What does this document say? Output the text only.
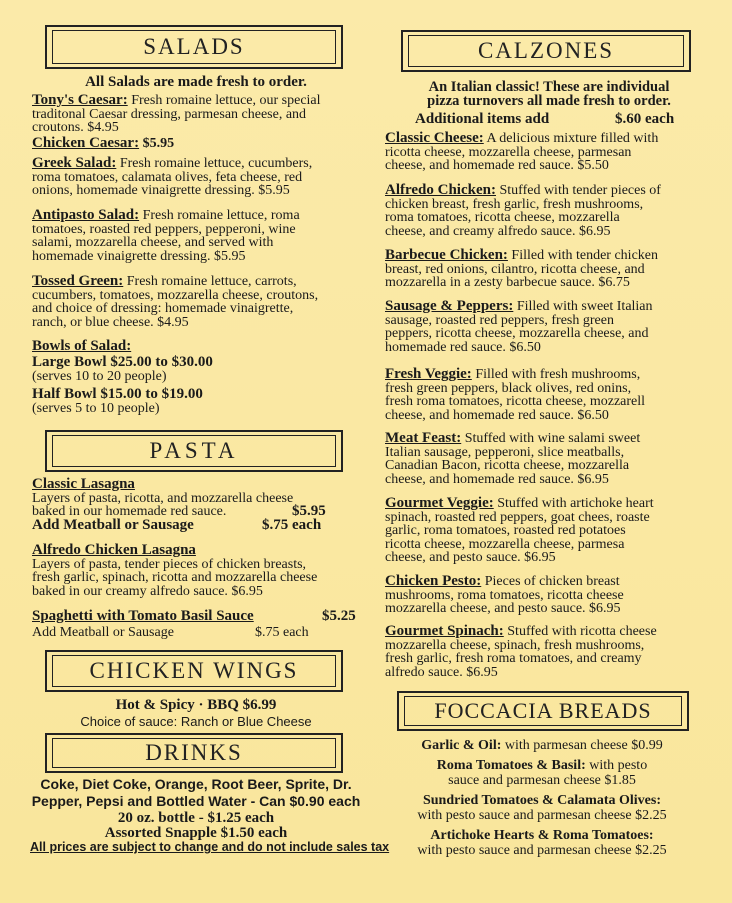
SALADS
All Salads are made fresh to order.
Tony's Caesar: Fresh romaine lettuce, our special
traditonal Caesar dressing, parmesan cheese, and
croutons. $4.95
Chicken Caesar: $5.95
Greek Salad: Fresh romaine lettuce, cucumbers,
roma tomatoes, calamata olives, feta cheese, red
onions, homemade vinaigrette dressing. $5.95
Antipasto Salad: Fresh romaine lettuce, roma
tomatoes, roasted red peppers, pepperoni, wine
salami, mozzarella cheese, and served with
homemade vinaigrette dressing. $5.95
Tossed Green: Fresh romaine lettuce, carrots,
cucumbers, tomatoes, mozzarella cheese, croutons,
and choice of dressing: homemade vinaigrette,
ranch, or blue cheese. $4.95
Bowls of Salad:
Large Bowl $25.00 to $30.00
(serves 10 to 20 people)
Half Bowl $15.00 to $19.00
(serves 5 to 10 people)
PASTA
Classic Lasagna
Layers of pasta, ricotta, and mozzarella cheese
baked in our homemade red sauce.	$5.95
Add Meatball or Sausage	$.75 each
Alfredo Chicken Lasagna
Layers of pasta, tender pieces of chicken breasts,
fresh garlic, spinach, ricotta and mozzarella cheese
baked in our creamy alfredo sauce. $6.95
Spaghetti with Tomato Basil Sauce	$5.25
Add Meatball or Sausage	$.75 each
CHICKEN WINGS
Hot & Spicy · BBQ $6.99
Choice of sauce: Ranch or Blue Cheese
DRINKS
Coke, Diet Coke, Orange, Root Beer, Sprite, Dr.
Pepper, Pepsi and Bottled Water - Can $0.90 each
20 oz. bottle - $1.25 each
Assorted Snapple $1.50 each
All prices are subject to change and do not include sales tax
CALZONES
An Italian classic! These are individual
pizza turnovers all made fresh to order.
Additional items add	$.60 each
Classic Cheese: A delicious mixture filled with
ricotta cheese, mozzarella cheese, parmesan
cheese, and homemade red sauce. $5.50
Alfredo Chicken: Stuffed with tender pieces of
chicken breast, fresh garlic, fresh mushrooms,
roma tomatoes, ricotta cheese, mozzarella
cheese, and creamy alfredo sauce. $6.95
Barbecue Chicken: Filled with tender chicken
breast, red onions, cilantro, ricotta cheese, and
mozzarella in a zesty barbecue sauce. $6.75
Sausage & Peppers: Filled with sweet Italian
sausage, roasted red peppers, fresh green
peppers, ricotta cheese, mozzarella cheese, and
homemade red sauce. $6.50
Fresh Veggie: Filled with fresh mushrooms,
fresh green peppers, black olives, red onins,
fresh roma tomatoes, ricotta cheese, mozzarell
cheese, and homemade red sauce. $6.50
Meat Feast: Stuffed with wine salami sweet
Italian sausage, pepperoni, slice meatballs,
Canadian Bacon, ricotta cheese, mozzarella
cheese, and homemade red sauce. $6.95
Gourmet Veggie: Stuffed with artichoke heart
spinach, roasted red peppers, goat chees, roaste
garlic, roma tomatoes, roasted red potatoes
ricotta cheese, mozzarella cheese, parmesa
cheese, and pesto sauce. $6.95
Chicken Pesto: Pieces of chicken breast
mushrooms, roma tomatoes, ricotta cheese
mozzarella cheese, and pesto sauce. $6.95
Gourmet Spinach: Stuffed with ricotta cheese
mozzarella cheese, spinach, fresh mushrooms,
fresh garlic, fresh roma tomatoes, and creamy
alfredo sauce. $6.95
FOCCACIA BREADS
Garlic & Oil: with parmesan cheese $0.99
Roma Tomatoes & Basil: with pesto
sauce and parmesan cheese $1.85
Sundried Tomatoes & Calamata Olives:
with pesto sauce and parmesan cheese $2.25
Artichoke Hearts & Roma Tomatoes:
with pesto sauce and parmesan cheese $2.25
